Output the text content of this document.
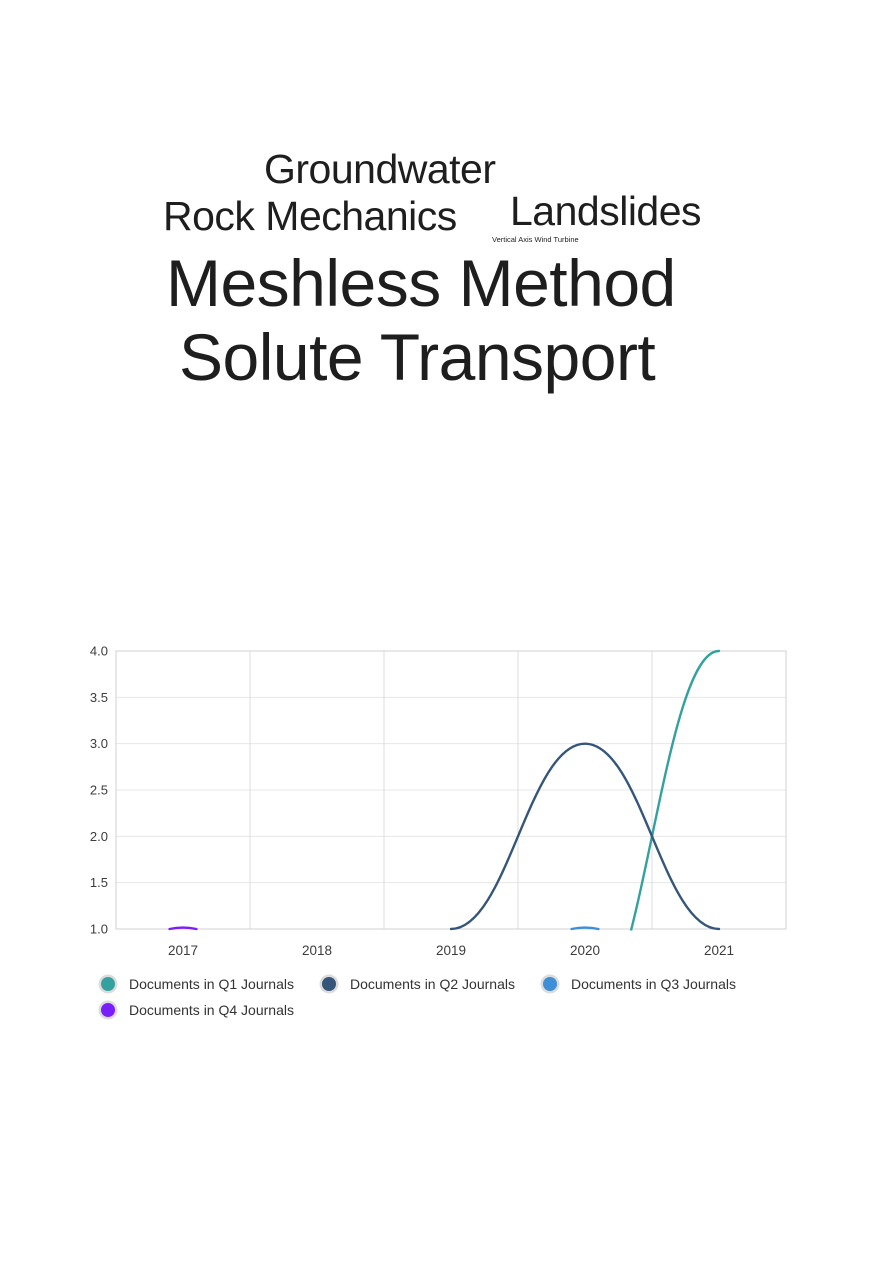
Groundwater
Rock Mechanics Landslides
Vertical Axis Wind Turbine
Meshless Method
Solute Transport
1.0
1.5
2.0
2.5
3.0
3.5
4.0
2017	2018	2019	2020	2021
Documents in Q1 Journals	Documents in Q2 Journals	Documents in Q3 Journals
Documents in Q4 Journals
